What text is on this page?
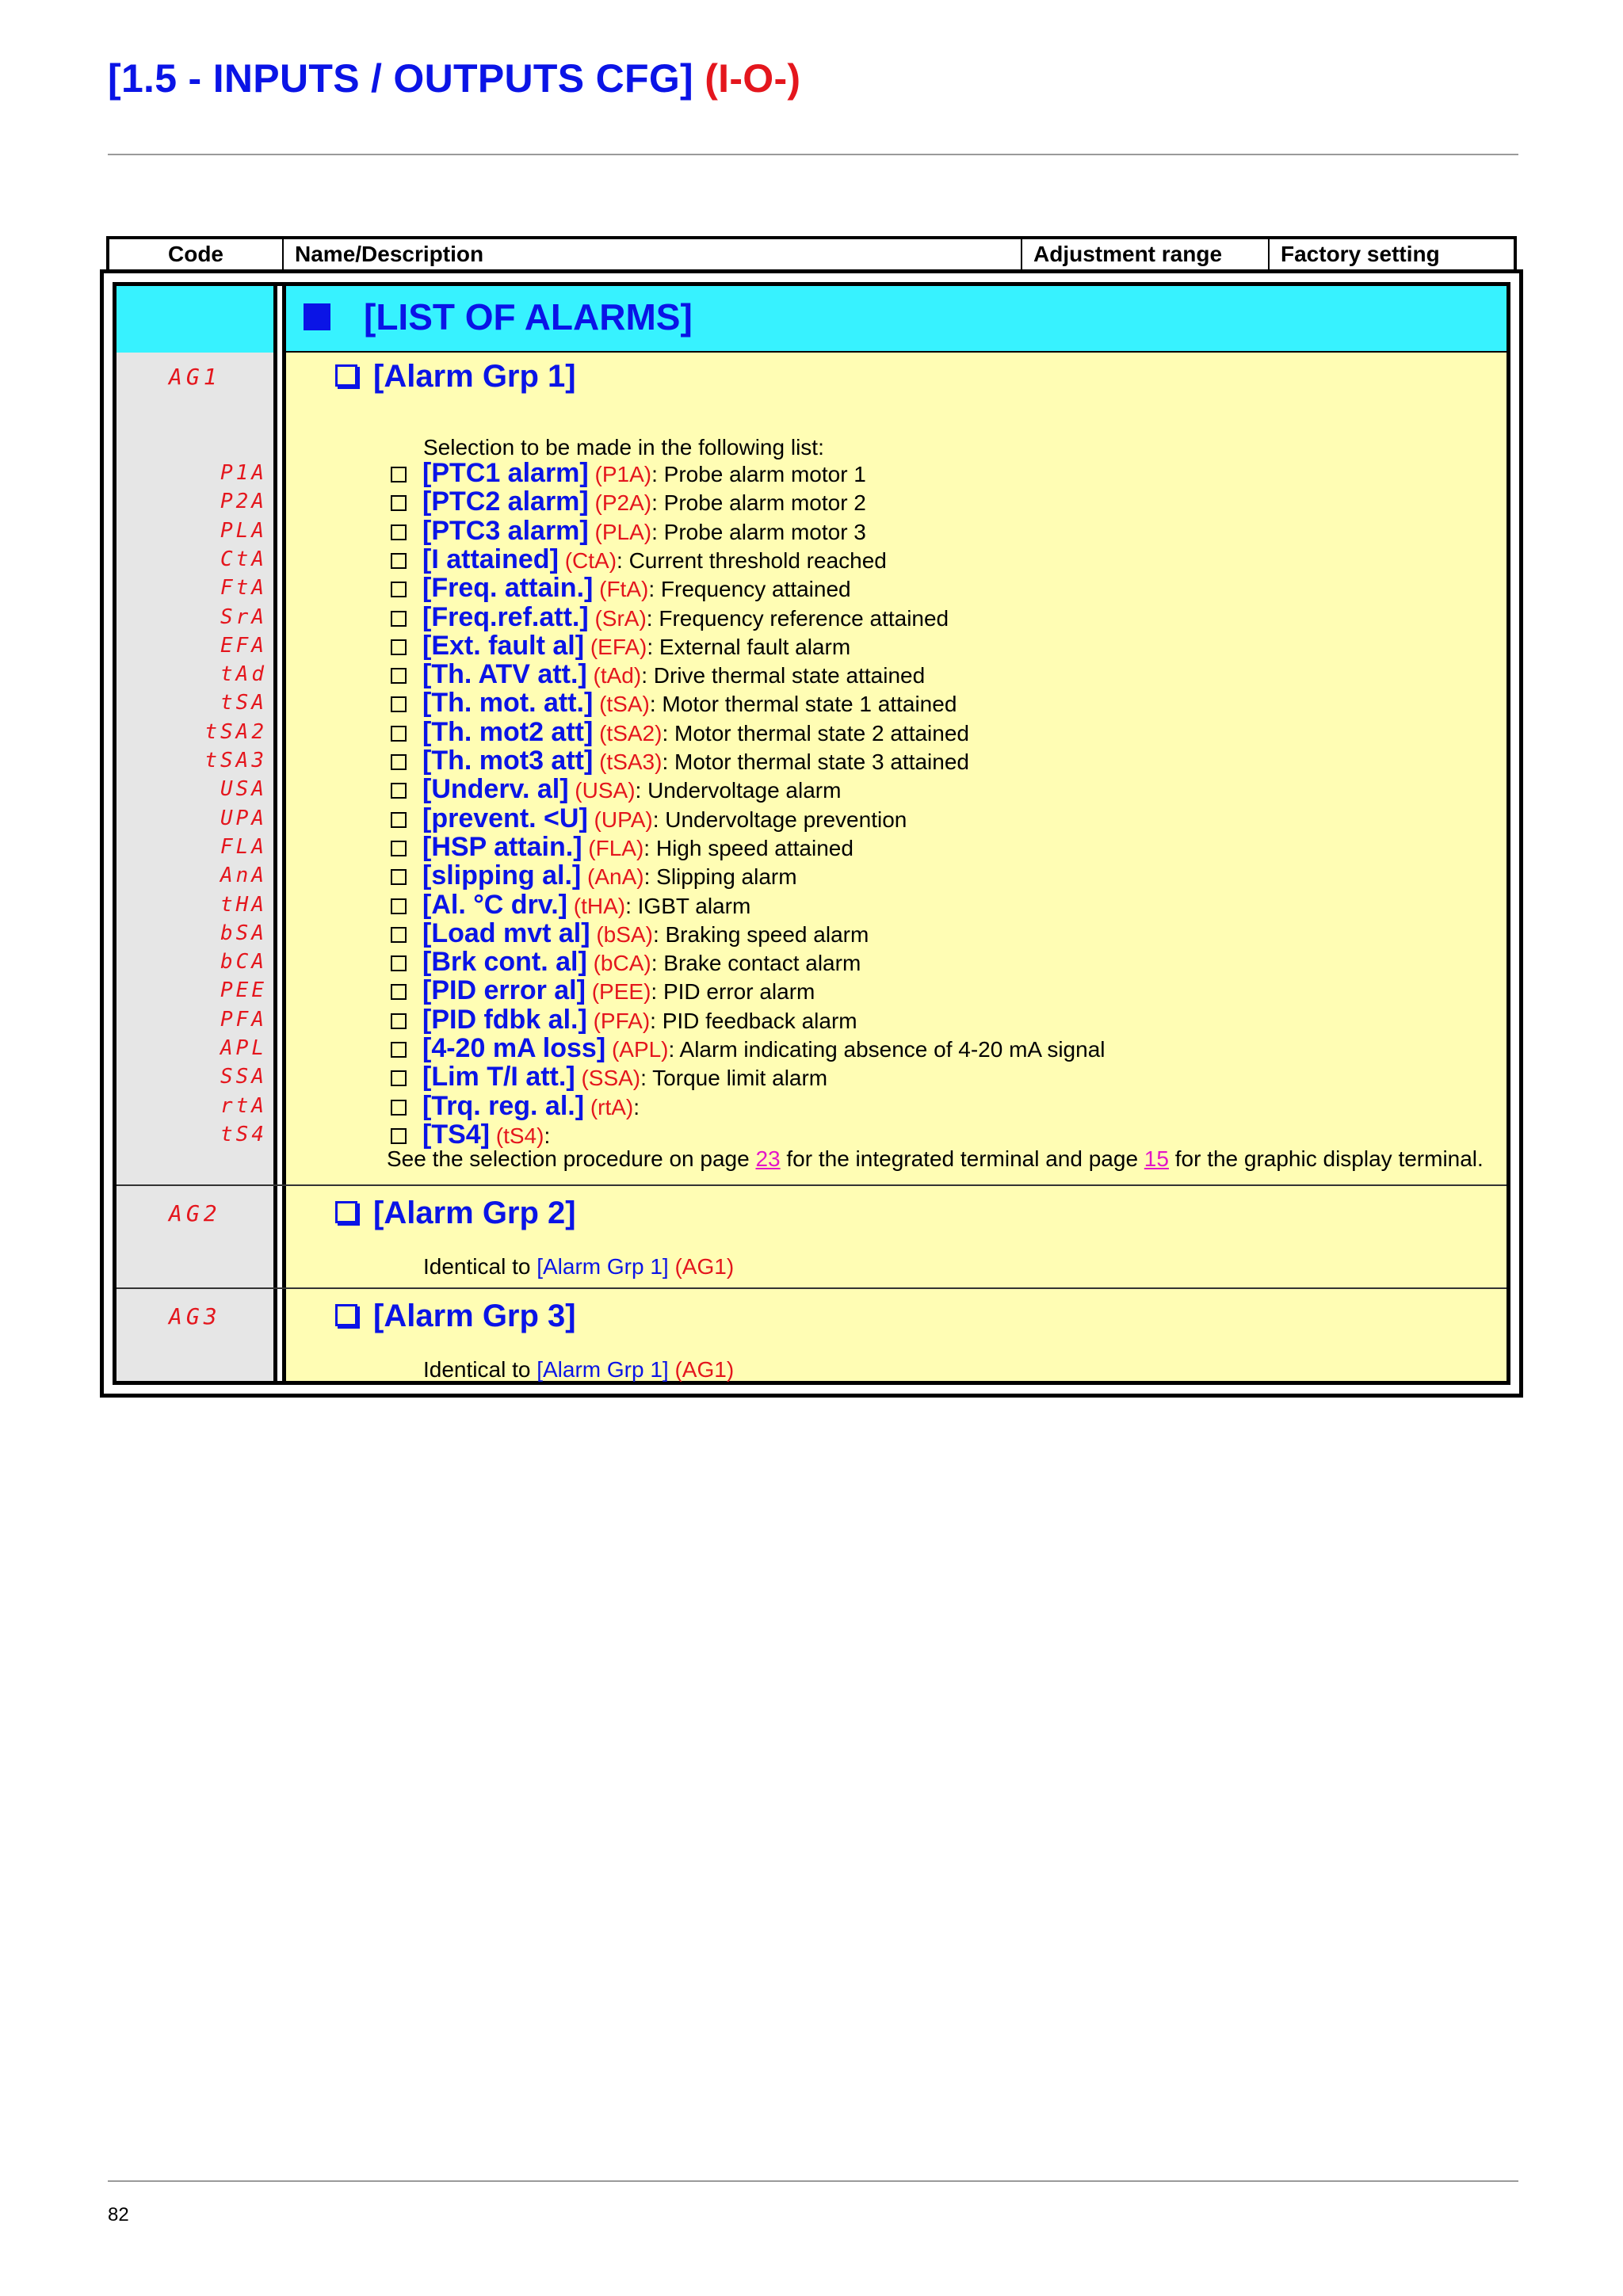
[1.5 - INPUTS / OUTPUTS CFG] (I-O-)
Code	Name/Description	Adjustment range	Factory setting
[LIST OF ALARMS]
AG1	[Alarm Grp 1]
Selection to be made in the following list:
P1A	[PTC1 alarm] (P1A): Probe alarm motor 1
P2A	[PTC2 alarm] (P2A): Probe alarm motor 2
PLA	[PTC3 alarm] (PLA): Probe alarm motor 3
CtA	[I attained] (CtA): Current threshold reached
FtA	[Freq. attain.] (FtA): Frequency attained
SrA	[Freq.ref.att.] (SrA): Frequency reference attained
EFA	[Ext. fault al] (EFA): External fault alarm
tAd	[Th. ATV att.] (tAd): Drive thermal state attained
tSA	[Th. mot. att.] (tSA): Motor thermal state 1 attained
tSA2	[Th. mot2 att] (tSA2): Motor thermal state 2 attained
tSA3	[Th. mot3 att] (tSA3): Motor thermal state 3 attained
USA	[Underv. al] (USA): Undervoltage alarm
UPA	[prevent. <U] (UPA): Undervoltage prevention
FLA	[HSP attain.] (FLA): High speed attained
AnA	[slipping al.] (AnA): Slipping alarm
tHA	[Al. °C drv.] (tHA): IGBT alarm
bSA	[Load mvt al] (bSA): Braking speed alarm
bCA	[Brk cont. al] (bCA): Brake contact alarm
PEE	[PID error al] (PEE): PID error alarm
PFA	[PID fdbk al.] (PFA): PID feedback alarm
APL	[4-20 mA loss] (APL): Alarm indicating absence of 4-20 mA signal
SSA	[Lim T/I att.] (SSA): Torque limit alarm
rtA	[Trq. reg. al.] (rtA):
tS4	[TS4] (tS4):
See the selection procedure on page 23 for the integrated terminal and page 15 for the graphic display terminal.
AG2	[Alarm Grp 2]
Identical to [Alarm Grp 1] (AG1)
AG3	[Alarm Grp 3]
Identical to [Alarm Grp 1] (AG1)
82
